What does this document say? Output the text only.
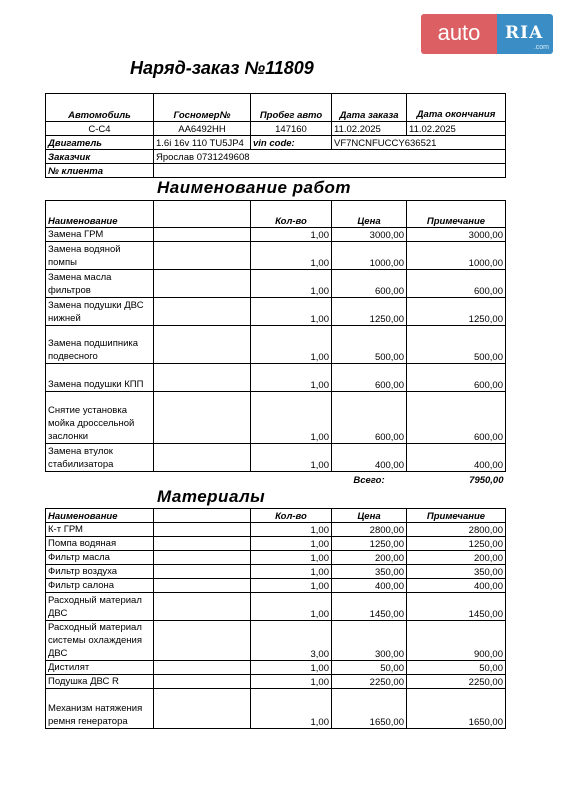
auto	RIA
.com
Наряд-заказ №11809
Автомобиль	Госномер№	Пробег авто	Дата заказа	Дата окончания
C-C4	AA6492HH	147160	11.02.2025	11.02.2025
Двигатель	1.6i 16v 110 TU5JP4	vin code:	VF7NCNFUCCY636521	
Заказчик	Ярослав 0731249608			
№ клиента				
Наименование работ
Наименование		Кол-во	Цена	Примечание
Замена ГРМ		1,00	3000,00	3000,00
Замена водяной помпы		1,00	1000,00	1000,00
Замена масла фильтров		1,00	600,00	600,00
Замена подушки ДВС нижней		1,00	1250,00	1250,00
Замена подшипника подвесного		1,00	500,00	500,00
Замена подушки КПП		1,00	600,00	600,00
Снятие установка мойка дроссельной заслонки		1,00	600,00	600,00
Замена втулок стабилизатора		1,00	400,00	400,00
			Всего:	7950,00
Материалы
Наименование		Кол-во	Цена	Примечание
К-т ГРМ		1,00	2800,00	2800,00
Помпа водяная		1,00	1250,00	1250,00
Фильтр масла		1,00	200,00	200,00
Фильтр воздуха		1,00	350,00	350,00
Фильтр салона		1,00	400,00	400,00
Расходный материал ДВС		1,00	1450,00	1450,00
Расходный материал системы охлаждения ДВС		3,00	300,00	900,00
Дистилят		1,00	50,00	50,00
Подушка ДВС R		1,00	2250,00	2250,00
Механизм натяжения ремня генератора		1,00	1650,00	1650,00
